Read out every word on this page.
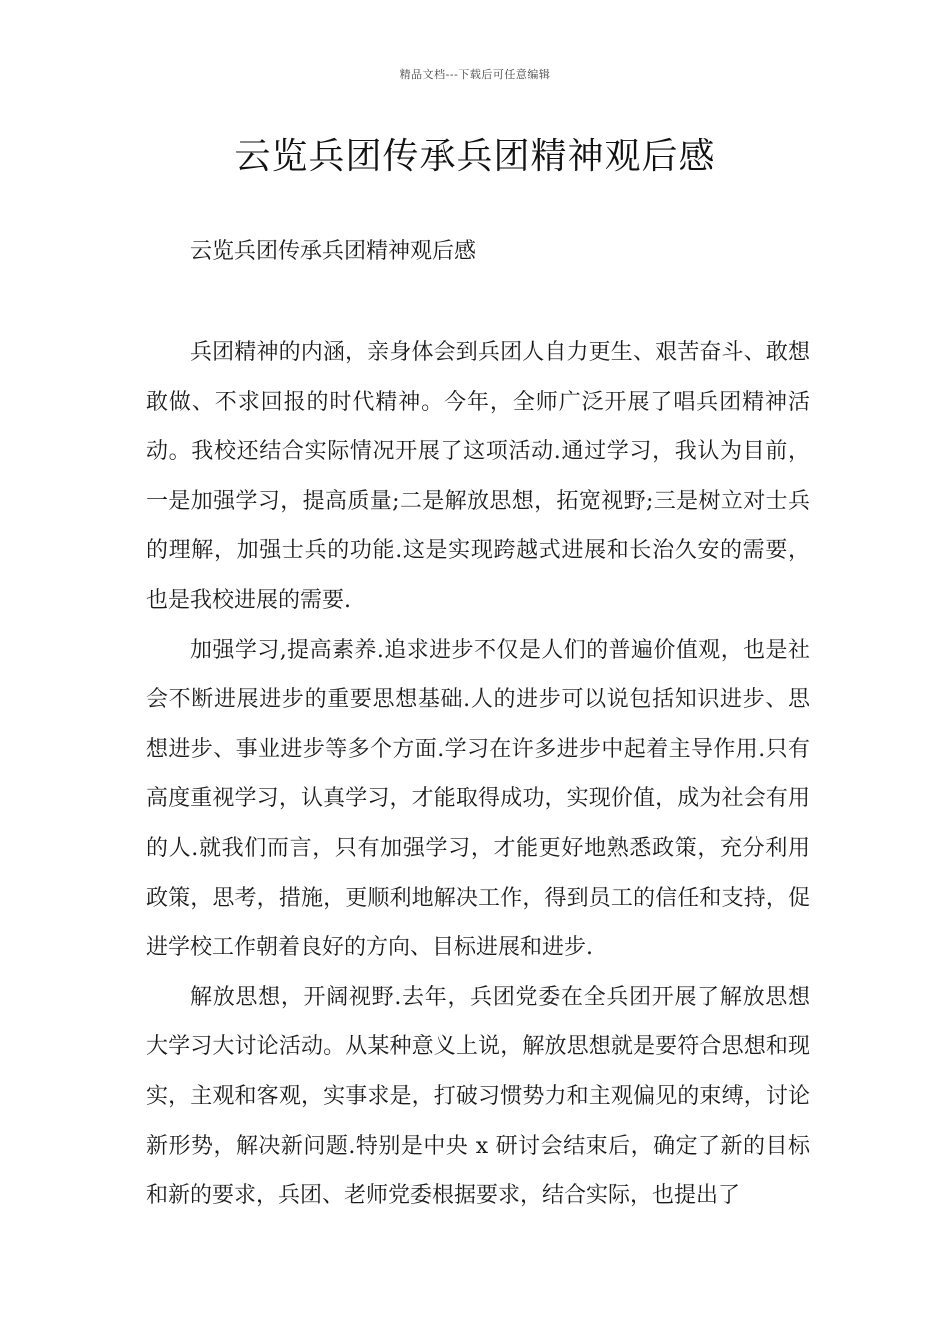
精品文档---下载后可任意编辑
云览兵团传承兵团精神观后感
云览兵团传承兵团精神观后感

兵团精神的内涵，亲身体会到兵团人自力更生、艰苦奋斗、敢想敢做、不求回报的时代精神。今年，全师广泛开展了唱兵团精神活动。我校还结合实际情况开展了这项活动.通过学习，我认为目前，一是加强学习，提高质量;二是解放思想，拓宽视野;三是树立对士兵的理解，加强士兵的功能.这是实现跨越式进展和长治久安的需要，也是我校进展的需要.

加强学习,提高素养.追求进步不仅是人们的普遍价值观，也是社会不断进展进步的重要思想基础.人的进步可以说包括知识进步、思想进步、事业进步等多个方面.学习在许多进步中起着主导作用.只有高度重视学习，认真学习，才能取得成功，实现价值，成为社会有用的人.就我们而言，只有加强学习，才能更好地熟悉政策，充分利用政策，思考，措施，更顺利地解决工作，得到员工的信任和支持，促进学校工作朝着良好的方向、目标进展和进步.

解放思想，开阔视野.去年，兵团党委在全兵团开展了解放思想大学习大讨论活动。从某种意义上说，解放思想就是要符合思想和现实，主观和客观，实事求是，打破习惯势力和主观偏见的束缚，讨论新形势，解决新问题.特别是中央 x 研讨会结束后，确定了新的目标和新的要求，兵团、老师党委根据要求，结合实际，也提出了
